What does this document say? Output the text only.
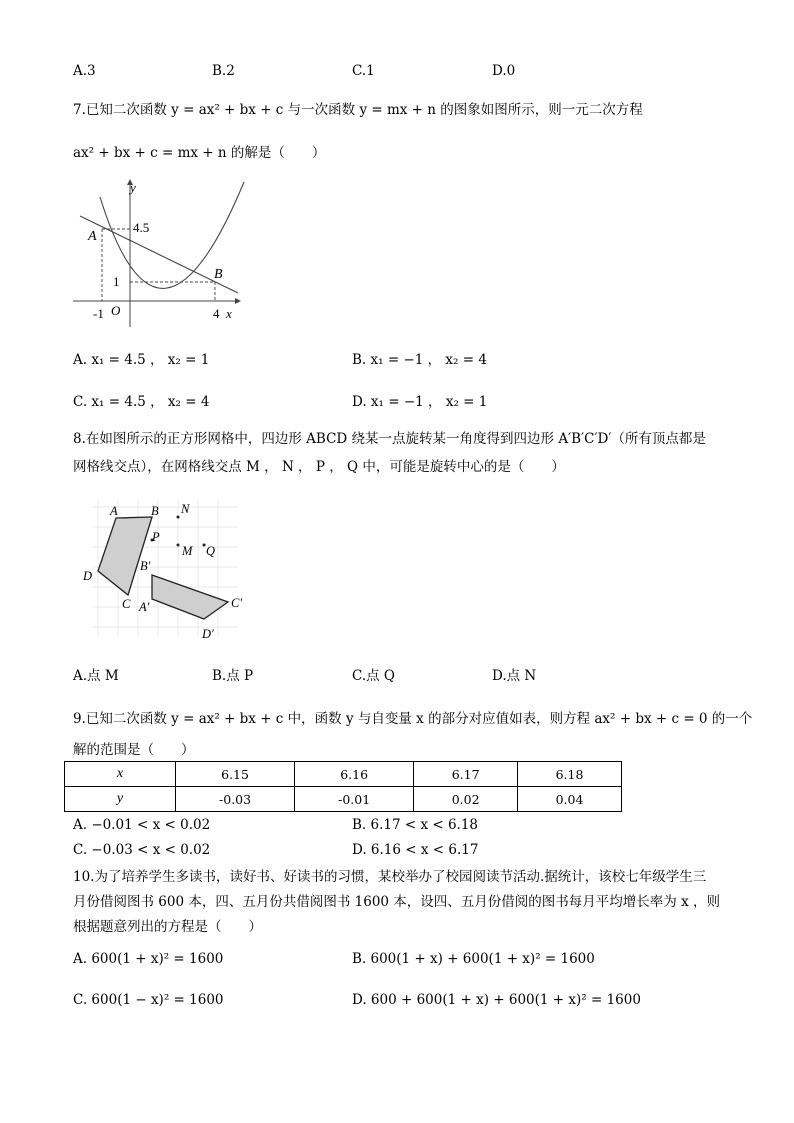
A.3	B.2	C.1	D.0
7.已知二次函数 y = ax² + bx + c 与一次函数 y = mx + n 的图象如图所示，则一元二次方程
ax² + bx + c = mx + n 的解是（　　）
y
x
4.5
1
-1 O	4
A
B
A. x₁ = 4.5 ， x₂ = 1	B. x₁ = −1 ， x₂ = 4
C. x₁ = 4.5 ， x₂ = 4	D. x₁ = −1 ， x₂ = 1
8.在如图所示的正方形网格中，四边形 ABCD 绕某一点旋转某一角度得到四边形 A′B′C′D′（所有顶点都是
网格线交点），在网格线交点 M ， N ， P ， Q 中，可能是旋转中心的是（　　）
A	B
C
D
A′
B′
C′
D′
N
P
M Q
A.点 M	B.点 P	C.点 Q	D.点 N
9.已知二次函数 y = ax² + bx + c 中，函数 y 与自变量 x 的部分对应值如表，则方程 ax² + bx + c = 0 的一个
解的范围是（　　）
x	6.15	6.16	6.17	6.18
y	-0.03	-0.01	0.02	0.04
A. −0.01 < x < 0.02	B. 6.17 < x < 6.18
C. −0.03 < x < 0.02	D. 6.16 < x < 6.17
10.为了培养学生多读书，读好书、好读书的习惯，某校举办了校园阅读节活动.据统计，该校七年级学生三
月份借阅图书 600 本，四、五月份共借阅图书 1600 本，设四、五月份借阅的图书每月平均增长率为 x ，则
根据题意列出的方程是（　　）
A. 600(1 + x)² = 1600	B. 600(1 + x) + 600(1 + x)² = 1600
C. 600(1 − x)² = 1600	D. 600 + 600(1 + x) + 600(1 + x)² = 1600
